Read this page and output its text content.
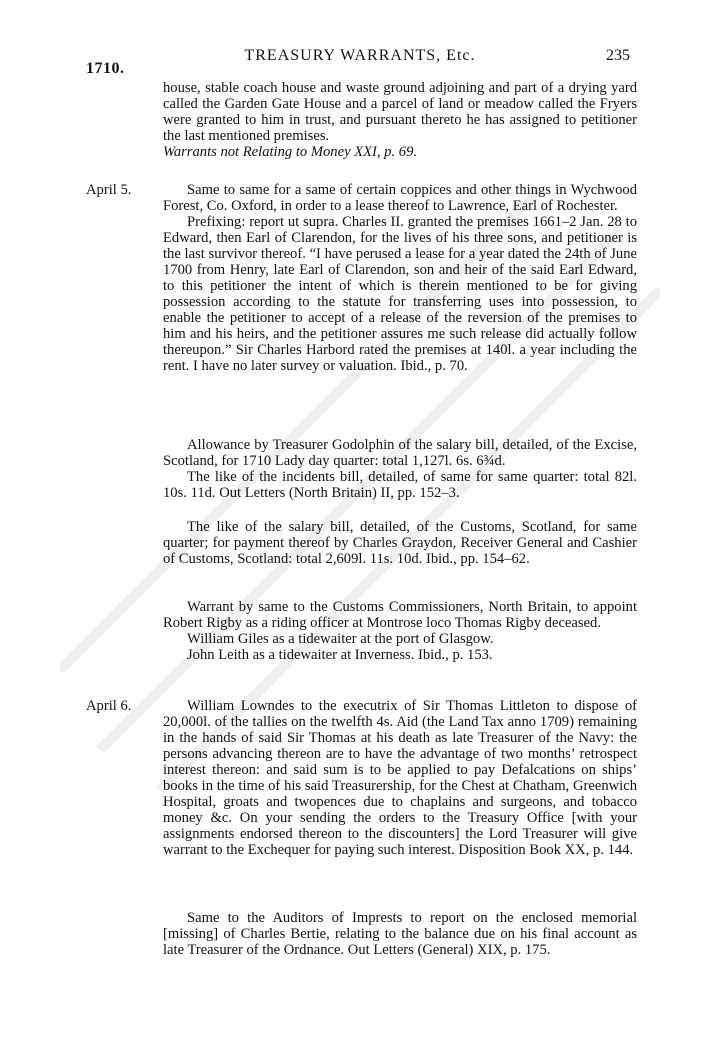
1710.
TREASURY WARRANTS, Etc.	235

house, stable coach house and waste ground adjoining and part of a drying yard called the Garden Gate House and a parcel of land or meadow called the Fryers were granted to him in trust, and pursuant thereto he has assigned to petitioner the last mentioned premises.

Warrants not Relating to Money XXI, p. 69.

April 5.	Same to same for a same of certain coppices and other things in Wychwood Forest, Co. Oxford, in order to a lease thereof to Lawrence, Earl of Rochester.

Prefixing: report ut supra. Charles II. granted the premises 1661–2 Jan. 28 to Edward, then Earl of Clarendon, for the lives of his three sons, and petitioner is the last survivor thereof. “I have perused a lease for a year dated the 24th of June 1700 from Henry, late Earl of Clarendon, son and heir of the said Earl Edward, to this petitioner the intent of which is therein mentioned to be for giving possession according to the statute for transferring uses into possession, to enable the petitioner to accept of a release of the reversion of the premises to him and his heirs, and the petitioner assures me such release did actually follow thereupon.” Sir Charles Harbord rated the premises at 140l. a year including the rent. I have no later survey or valuation. Ibid., p. 70.

Allowance by Treasurer Godolphin of the salary bill, detailed, of the Excise, Scotland, for 1710 Lady day quarter: total 1,127l. 6s. 6¾d.

The like of the incidents bill, detailed, of same for same quarter: total 82l. 10s. 11d. Out Letters (North Britain) II, pp. 152–3.

The like of the salary bill, detailed, of the Customs, Scotland, for same quarter; for payment thereof by Charles Graydon, Receiver General and Cashier of Customs, Scotland: total 2,609l. 11s. 10d. Ibid., pp. 154–62.

Warrant by same to the Customs Commissioners, North Britain, to appoint Robert Rigby as a riding officer at Montrose loco Thomas Rigby deceased.

William Giles as a tidewaiter at the port of Glasgow.

John Leith as a tidewaiter at Inverness. Ibid., p. 153.

April 6.	William Lowndes to the executrix of Sir Thomas Littleton to dispose of 20,000l. of the tallies on the twelfth 4s. Aid (the Land Tax anno 1709) remaining in the hands of said Sir Thomas at his death as late Treasurer of the Navy: the persons advancing thereon are to have the advantage of two months’ retrospect interest thereon: and said sum is to be applied to pay Defalcations on ships’ books in the time of his said Treasurership, for the Chest at Chatham, Greenwich Hospital, groats and twopences due to chaplains and surgeons, and tobacco money &c. On your sending the orders to the Treasury Office [with your assignments endorsed thereon to the discounters] the Lord Treasurer will give warrant to the Exchequer for paying such interest. Disposition Book XX, p. 144.

Same to the Auditors of Imprests to report on the enclosed memorial [missing] of Charles Bertie, relating to the balance due on his final account as late Treasurer of the Ordnance. Out Letters (General) XIX, p. 175.
